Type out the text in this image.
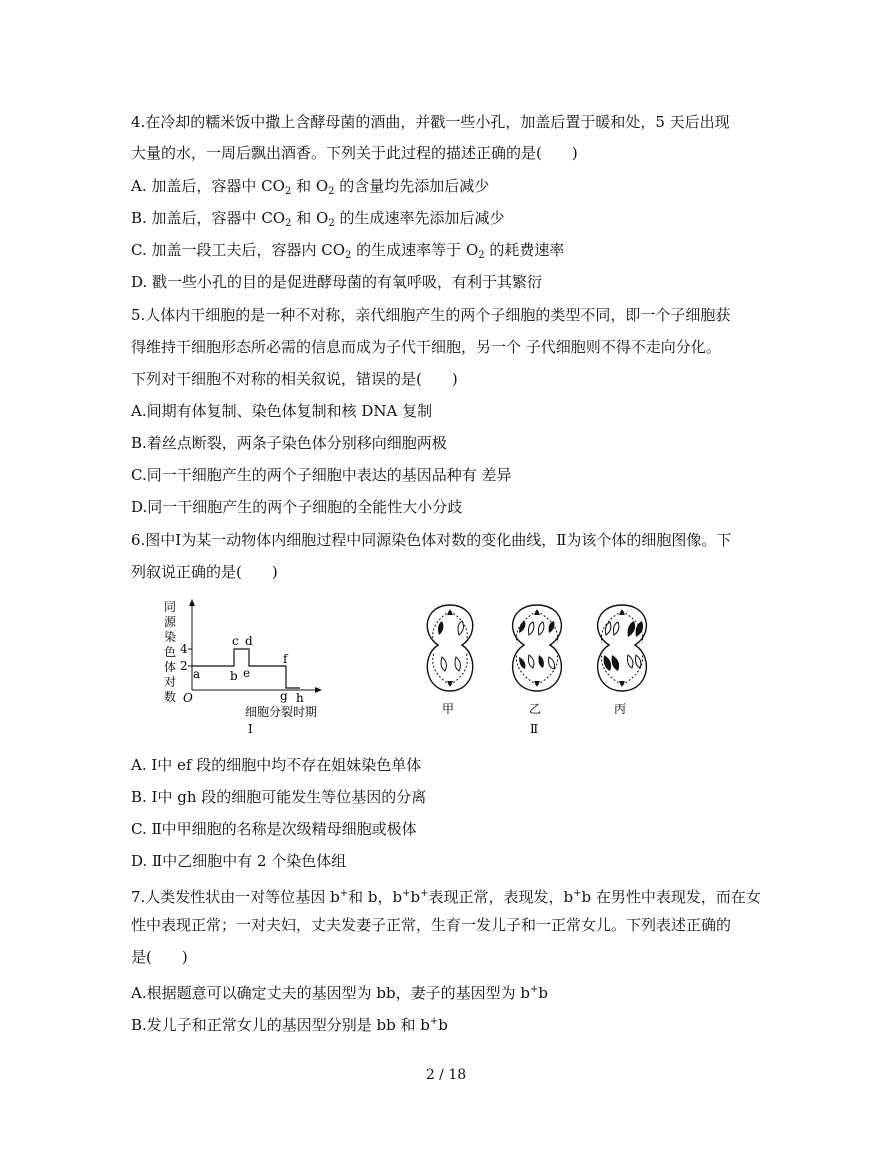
4.在冷却的糯米饭中撒上含酵母菌的酒曲，并戳一些小孔，加盖后置于暖和处，5 天后出现
大量的水，一周后飘出酒香。下列关于此过程的描述正确的是(　　)
A. 加盖后，容器中 $CO_2$ 和 $O_2$ 的含量均先添加后减少
B. 加盖后，容器中 $CO_2$ 和 $O_2$ 的生成速率先添加后减少
C. 加盖一段工夫后，容器内 $CO_2$ 的生成速率等于 $O_2$ 的耗费速率
D. 戳一些小孔的目的是促进酵母菌的有氧呼吸，有利于其繁衍
5.人体内干细胞的是一种不对称，亲代细胞产生的两个子细胞的类型不同，即一个子细胞获
得维持干细胞形态所必需的信息而成为子代干细胞，另一个 子代细胞则不得不走向分化。
下列对干细胞不对称的相关叙说，错误的是(　　)
A.间期有体复制、染色体复制和核 DNA 复制
B.着丝点断裂，两条子染色体分别移向细胞两极
C.同一干细胞产生的两个子细胞中表达的基因品种有 差异
D.同一干细胞产生的两个子细胞的全能性大小分歧
6.图中Ⅰ为某一动物体内细胞过程中同源染色体对数的变化曲线，Ⅱ为该个体的细胞图像。下
列叙说正确的是(　　)
同
源
染
色
体
对
数
4
2
O
a b
c d
e
f
g h
细胞分裂时期
Ⅰ
甲	乙	丙
Ⅱ
A. Ⅰ中 ef 段的细胞中均不存在姐妹染色单体
B. Ⅰ中 gh 段的细胞可能发生等位基因的分离
C. Ⅱ中甲细胞的名称是次级精母细胞或极体
D. Ⅱ中乙细胞中有 2 个染色体组
7.人类发性状由一对等位基因 b+和 b，b+b+表现正常，表现发，b+b 在男性中表现发，而在女
性中表现正常；一对夫妇，丈夫发妻子正常，生育一发儿子和一正常女儿。下列表述正确的
是(　　)
A.根据题意可以确定丈夫的基因型为 bb，妻子的基因型为 b+b
B.发儿子和正常女儿的基因型分别是 bb 和 b+b
2 / 18
